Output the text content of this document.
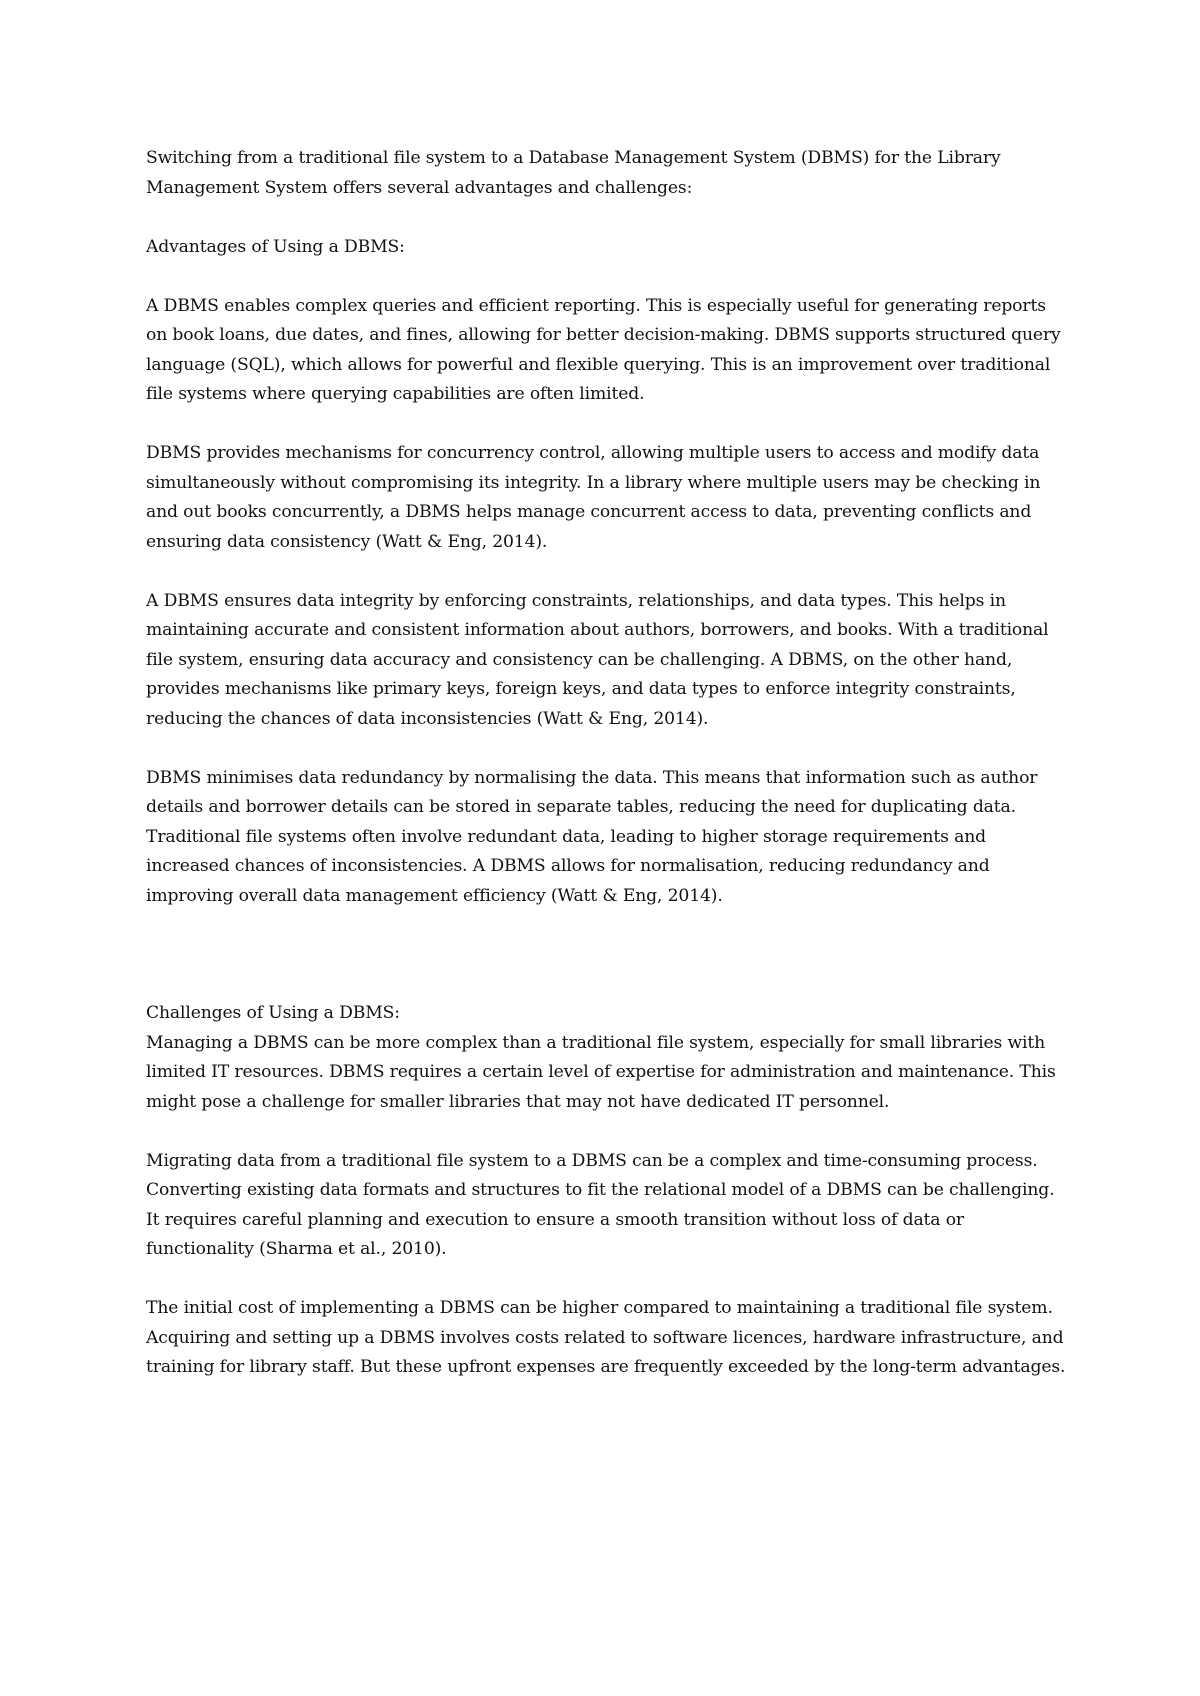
Switching from a traditional file system to a Database Management System (DBMS) for the Library Management System offers several advantages and challenges:

Advantages of Using a DBMS:

A DBMS enables complex queries and efficient reporting. This is especially useful for generating reports on book loans, due dates, and fines, allowing for better decision-making. DBMS supports structured query language (SQL), which allows for powerful and flexible querying. This is an improvement over traditional file systems where querying capabilities are often limited.

DBMS provides mechanisms for concurrency control, allowing multiple users to access and modify data simultaneously without compromising its integrity. In a library where multiple users may be checking in and out books concurrently, a DBMS helps manage concurrent access to data, preventing conflicts and ensuring data consistency (Watt & Eng, 2014).

A DBMS ensures data integrity by enforcing constraints, relationships, and data types. This helps in maintaining accurate and consistent information about authors, borrowers, and books. With a traditional file system, ensuring data accuracy and consistency can be challenging. A DBMS, on the other hand, provides mechanisms like primary keys, foreign keys, and data types to enforce integrity constraints, reducing the chances of data inconsistencies (Watt & Eng, 2014).

DBMS minimises data redundancy by normalising the data. This means that information such as author details and borrower details can be stored in separate tables, reducing the need for duplicating data. Traditional file systems often involve redundant data, leading to higher storage requirements and increased chances of inconsistencies. A DBMS allows for normalisation, reducing redundancy and improving overall data management efficiency (Watt & Eng, 2014).

Challenges of Using a DBMS:

Managing a DBMS can be more complex than a traditional file system, especially for small libraries with limited IT resources. DBMS requires a certain level of expertise for administration and maintenance. This might pose a challenge for smaller libraries that may not have dedicated IT personnel.

Migrating data from a traditional file system to a DBMS can be a complex and time-consuming process. Converting existing data formats and structures to fit the relational model of a DBMS can be challenging. It requires careful planning and execution to ensure a smooth transition without loss of data or functionality (Sharma et al., 2010).

The initial cost of implementing a DBMS can be higher compared to maintaining a traditional file system. Acquiring and setting up a DBMS involves costs related to software licences, hardware infrastructure, and training for library staff. But these upfront expenses are frequently exceeded by the long-term advantages.
